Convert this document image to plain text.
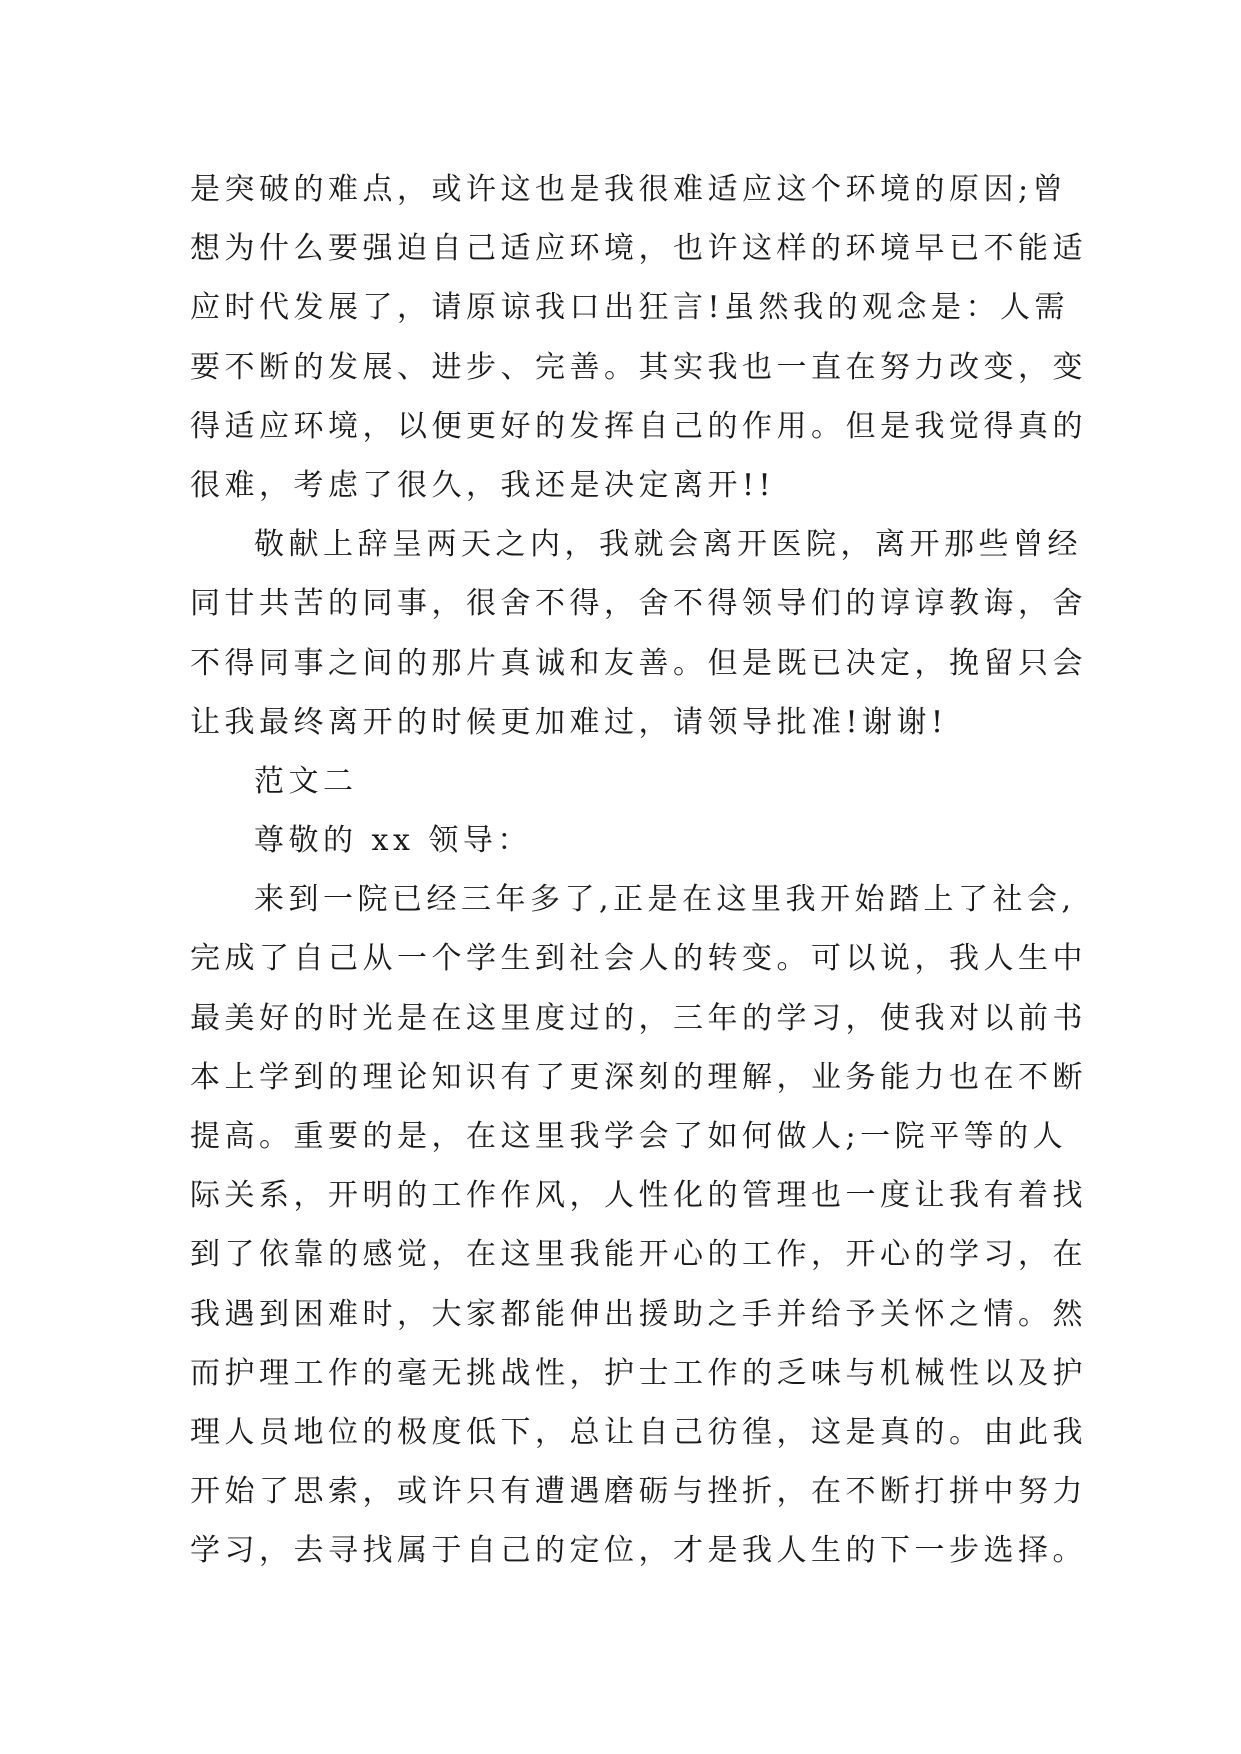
是突破的难点，或许这也是我很难适应这个环境的原因;曾
想为什么要强迫自己适应环境，也许这样的环境早已不能适
应时代发展了，请原谅我口出狂言!虽然我的观念是：人需
要不断的发展、进步、完善。其实我也一直在努力改变，变
得适应环境，以便更好的发挥自己的作用。但是我觉得真的
很难，考虑了很久，我还是决定离开!!
敬献上辞呈两天之内，我就会离开医院，离开那些曾经
同甘共苦的同事，很舍不得，舍不得领导们的谆谆教诲，舍
不得同事之间的那片真诚和友善。但是既已决定，挽留只会
让我最终离开的时候更加难过，请领导批准!谢谢!
范文二
尊敬的 xx 领导：
来到一院已经三年多了,正是在这里我开始踏上了社会,
完成了自己从一个学生到社会人的转变。可以说，我人生中
最美好的时光是在这里度过的，三年的学习，使我对以前书
本上学到的理论知识有了更深刻的理解，业务能力也在不断
提高。重要的是，在这里我学会了如何做人;一院平等的人
际关系，开明的工作作风，人性化的管理也一度让我有着找
到了依靠的感觉，在这里我能开心的工作，开心的学习，在
我遇到困难时，大家都能伸出援助之手并给予关怀之情。然
而护理工作的毫无挑战性，护士工作的乏味与机械性以及护
理人员地位的极度低下，总让自己彷徨，这是真的。由此我
开始了思索，或许只有遭遇磨砺与挫折，在不断打拼中努力
学习，去寻找属于自己的定位，才是我人生的下一步选择。
